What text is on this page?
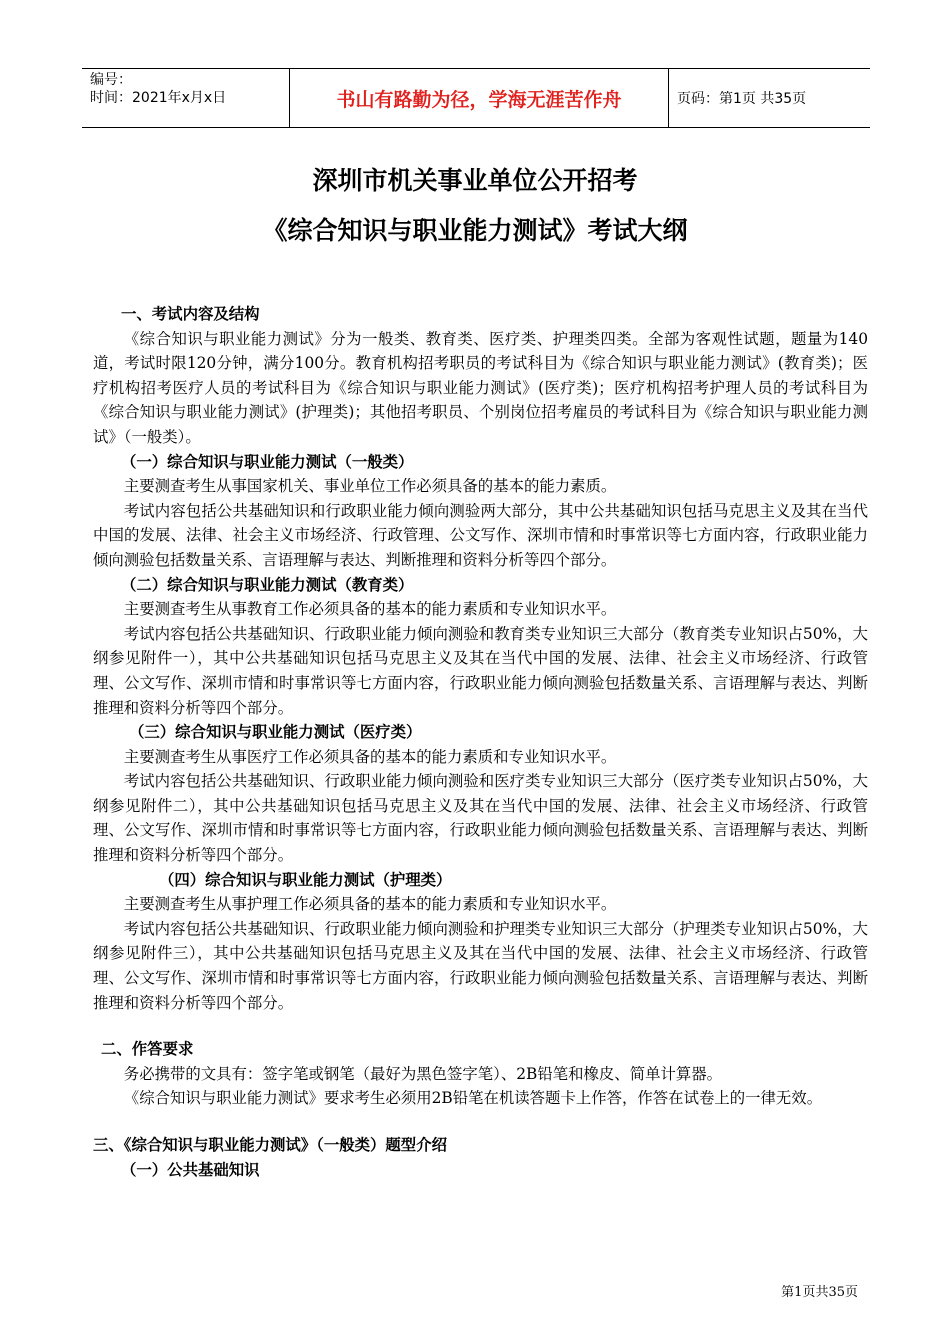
编号：
时间：2021年x月x日	书山有路勤为径，学海无涯苦作舟	页码：第1页 共35页
深圳市机关事业单位公开招考
《综合知识与职业能力测试》考试大纲

一、考试内容及结构

《综合知识与职业能力测试》分为一般类、教育类、医疗类、护理类四类。全部为客观性试题，题量为140道，考试时限120分钟，满分100分。教育机构招考职员的考试科目为《综合知识与职业能力测试》(教育类)；医疗机构招考医疗人员的考试科目为《综合知识与职业能力测试》(医疗类)；医疗机构招考护理人员的考试科目为《综合知识与职业能力测试》(护理类)；其他招考职员、个别岗位招考雇员的考试科目为《综合知识与职业能力测试》（一般类）。

（一）综合知识与职业能力测试（一般类）

主要测查考生从事国家机关、事业单位工作必须具备的基本的能力素质。

考试内容包括公共基础知识和行政职业能力倾向测验两大部分，其中公共基础知识包括马克思主义及其在当代中国的发展、法律、社会主义市场经济、行政管理、公文写作、深圳市情和时事常识等七方面内容，行政职业能力倾向测验包括数量关系、言语理解与表达、判断推理和资料分析等四个部分。

（二）综合知识与职业能力测试（教育类）

主要测查考生从事教育工作必须具备的基本的能力素质和专业知识水平。

考试内容包括公共基础知识、行政职业能力倾向测验和教育类专业知识三大部分（教育类专业知识占50%，大纲参见附件一），其中公共基础知识包括马克思主义及其在当代中国的发展、法律、社会主义市场经济、行政管理、公文写作、深圳市情和时事常识等七方面内容，行政职业能力倾向测验包括数量关系、言语理解与表达、判断推理和资料分析等四个部分。

（三）综合知识与职业能力测试（医疗类）

主要测查考生从事医疗工作必须具备的基本的能力素质和专业知识水平。

考试内容包括公共基础知识、行政职业能力倾向测验和医疗类专业知识三大部分（医疗类专业知识占50%，大纲参见附件二），其中公共基础知识包括马克思主义及其在当代中国的发展、法律、社会主义市场经济、行政管理、公文写作、深圳市情和时事常识等七方面内容，行政职业能力倾向测验包括数量关系、言语理解与表达、判断推理和资料分析等四个部分。

（四）综合知识与职业能力测试（护理类）

主要测查考生从事护理工作必须具备的基本的能力素质和专业知识水平。

考试内容包括公共基础知识、行政职业能力倾向测验和护理类专业知识三大部分（护理类专业知识占50%，大纲参见附件三），其中公共基础知识包括马克思主义及其在当代中国的发展、法律、社会主义市场经济、行政管理、公文写作、深圳市情和时事常识等七方面内容，行政职业能力倾向测验包括数量关系、言语理解与表达、判断推理和资料分析等四个部分。

二、作答要求

务必携带的文具有：签字笔或钢笔（最好为黑色签字笔）、2B铅笔和橡皮、简单计算器。

《综合知识与职业能力测试》要求考生必须用2B铅笔在机读答题卡上作答，作答在试卷上的一律无效。

三、《综合知识与职业能力测试》（一般类）题型介绍

（一）公共基础知识

第1页共35页
